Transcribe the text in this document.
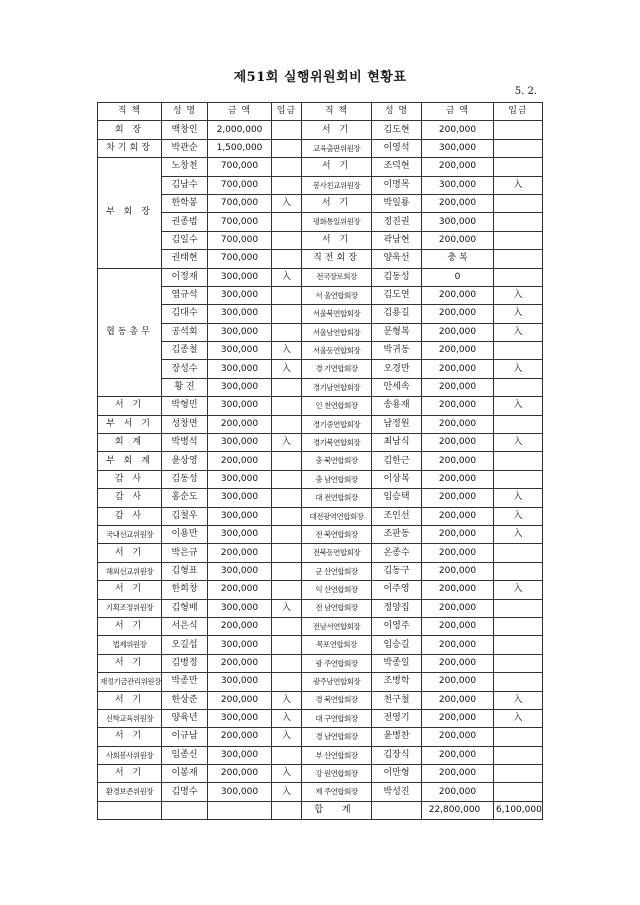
제51회 실행위원회비 현황표
5. 2.
직 책	성 명	금 액	입금	직 책	성 명	금 액	입금
회 장	백창인	2,000,000		서 기	김도현	200,000	
차기회장	박관순	1,500,000		교육출판위원장	이영석	300,000	
부 회 장	노창천	700,000		서 기	조덕현	200,000	
	김남수	700,000		봉사친교위원장	이명목	300,000	入
	한학봉	700,000	入	서 기	박일룡	200,000	
	권종범	700,000		평화통일위원장	정진권	300,000	
	김일수	700,000		서 기	곽남현	200,000	
	권태현	700,000		직전회장	양욱선	충 복	
협동총무	이정재	300,000	入	전국장로회장	김동성	0	
	염규석	300,000		서 울연합회장	김도연	200,000	入
	김대수	300,000		서울북연합회장	김용길	200,000	入
	공석회	300,000		서울남연합회장	문형복	200,000	入
	김종철	300,000	入	서울동연합회장	박귀동	200,000	
	장성수	300,000	入	경 기연합회장	오경만	200,000	入
	황 진	300,000		경기남연합회장	안세속	200,000	
서 기	박형민	300,000		인 천연합회장	송용재	200,000	入
부 서 기	성창면	200,000		경기중연합회장	남정원	200,000	
회 계	박병석	300,000	入	경기북연합회장	최남식	200,000	入
부 회 계	윤상영	200,000		충 북연합회장	김한근	200,000	
감 사	김동성	300,000		충 남연합회장	이상복	200,000	
감 사	홍순도	300,000		대 전연합회장	임승택	200,000	入
감 사	김철우	300,000		대전광역연합회장	조인선	200,000	入
국내선교위원장	이용만	300,000		전 북연합회장	조판동	200,000	入
서 기	박은규	200,000		전북동연합회장	온종수	200,000	
해외선교위원장	김형표	300,000		군 산연합회장	김동구	200,000	
서 기	한희창	200,000		익 산연합회장	이주영	200,000	入
기획조정위원장	김형배	300,000	入	전 남연합회장	정양집	200,000	
서 기	서은식	200,000		전남서연합회장	이영주	200,000	
법제위원장	오길섭	300,000		목포연합회장	임승길	200,000	
서 기	김병정	200,000		광 주연합회장	박종일	200,000	
재정기금관리위원장	박종만	300,000		광주남연합회장	조병학	200,000	
서 기	한상준	200,000	入	경 북연합회장	천구철	200,000	入
신학교육위원장	양육년	300,000	入	대 구연합회장	전영기	200,000	入
서 기	이규남	200,000	入	경 남연합회장	윤병찬	200,000	
사회봉사위원장	임종신	300,000		부 산연합회장	김장식	200,000	
서 기	이봉재	200,000	入	강 원연합회장	이만형	200,000	
환경보존위원장	김명수	300,000	入	제 주연합회장	박성진	200,000	
				합 계		22,800,000	6,100,000
